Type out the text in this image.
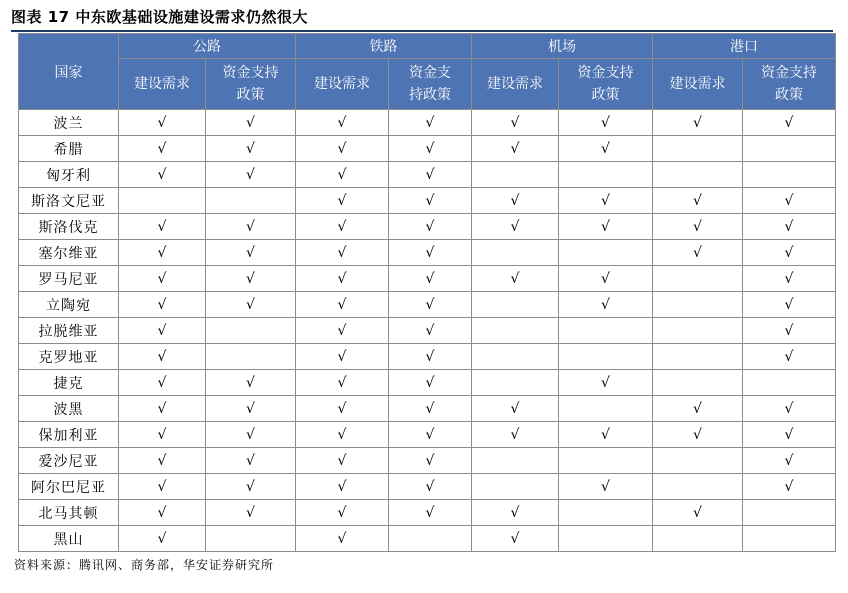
图表 17 中东欧基础设施建设需求仍然很大
国家	公路		铁路		机场		港口	
	建设需求	资金支持政策	建设需求	资金支持政策	建设需求	资金支持政策	建设需求	资金支持政策
波兰	√	√	√	√	√	√	√	√
希腊	√	√	√	√	√	√		
匈牙利	√	√	√	√				
斯洛文尼亚			√	√	√	√	√	√
斯洛伐克	√	√	√	√	√	√	√	√
塞尔维亚	√	√	√	√			√	√
罗马尼亚	√	√	√	√	√	√		√
立陶宛	√	√	√	√		√		√
拉脱维亚	√		√	√				√
克罗地亚	√		√	√				√
捷克	√	√	√	√		√		
波黑	√	√	√	√	√		√	√
保加利亚	√	√	√	√	√	√	√	√
爱沙尼亚	√	√	√	√				√
阿尔巴尼亚	√	√	√	√		√		√
北马其顿	√	√	√	√	√		√	
黑山	√		√		√			
资料来源：腾讯网、商务部，华安证券研究所
